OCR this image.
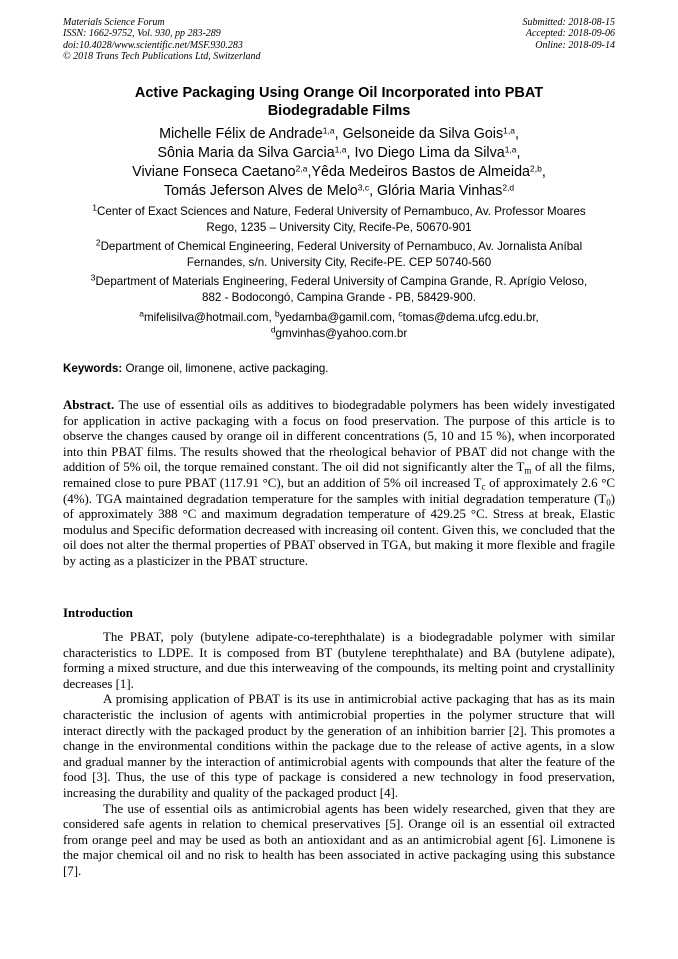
Materials Science Forum
ISSN: 1662-9752, Vol. 930, pp 283-289
doi:10.4028/www.scientific.net/MSF.930.283
© 2018 Trans Tech Publications Ltd, Switzerland
Submitted: 2018-08-15
Accepted: 2018-09-06
Online: 2018-09-14
Active Packaging Using Orange Oil Incorporated into PBAT
Biodegradable Films
Michelle Félix de Andrade$^{1,a}$, Gelsoneide da Silva Gois$^{1,a}$,
Sônia Maria da Silva Garcia$^{1,a}$, Ivo Diego Lima da Silva$^{1,a}$,
Viviane Fonseca Caetano$^{2,a}$,Yêda Medeiros Bastos de Almeida$^{2,b}$,
Tomás Jeferson Alves de Melo$^{3,c}$, Glória Maria Vinhas$^{2,d}$
$^1$Center of Exact Sciences and Nature, Federal University of Pernambuco, Av. Professor Moares
Rego, 1235 – University City, Recife-Pe, 50670-901
$^2$Department of Chemical Engineering, Federal University of Pernambuco, Av. Jornalista Aníbal
Fernandes, s/n. University City, Recife-PE. CEP 50740-560
$^3$Department of Materials Engineering, Federal University of Campina Grande, R. Aprígio Veloso,
882 - Bodocongó, Campina Grande - PB, 58429-900.
$^a$mifelisilva@hotmail.com, $^b$yedamba@gamil.com, $^c$tomas@dema.ufcg.edu.br,
$^d$gmvinhas@yahoo.com.br
Keywords: Orange oil, limonene, active packaging.
Abstract. The use of essential oils as additives to biodegradable polymers has been widely investigated for application in active packaging with a focus on food preservation. The purpose of this article is to observe the changes caused by orange oil in different concentrations (5, 10 and 15 %), when incorporated into thin PBAT films. The results showed that the rheological behavior of PBAT did not change with the addition of 5% oil, the torque remained constant. The oil did not significantly alter the $T_m$ of all the films, remained close to pure PBAT (117.91 °C), but an addition of 5% oil increased $T_c$ of approximately 2.6 °C (4%). TGA maintained degradation temperature for the samples with initial degradation temperature $(T_0)$ of approximately 388 °C and maximum degradation temperature of 429.25 °C. Stress at break, Elastic modulus and Specific deformation decreased with increasing oil content. Given this, we concluded that the oil does not alter the thermal properties of PBAT observed in TGA, but making it more flexible and fragile by acting as a plasticizer in the PBAT structure.
Introduction

The PBAT, poly (butylene adipate-co-terephthalate) is a biodegradable polymer with similar characteristics to LDPE. It is composed from BT (butylene terephthalate) and BA (butylene adipate), forming a mixed structure, and due this interweaving of the compounds, its melting point and crystallinity decreases [1].

A promising application of PBAT is its use in antimicrobial active packaging that has as its main characteristic the inclusion of agents with antimicrobial properties in the polymer structure that will interact directly with the packaged product by the generation of an inhibition barrier [2]. This promotes a change in the environmental conditions within the package due to the release of active agents, in a slow and gradual manner by the interaction of antimicrobial agents with compounds that alter the feature of the food [3]. Thus, the use of this type of package is considered a new technology in food preservation, increasing the durability and quality of the packaged product [4].

The use of essential oils as antimicrobial agents has been widely researched, given that they are considered safe agents in relation to chemical preservatives [5]. Orange oil is an essential oil extracted from orange peel and may be used as both an antioxidant and as an antimicrobial agent [6]. Limonene is the major chemical oil and no risk to health has been associated in active packaging using this substance [7].
